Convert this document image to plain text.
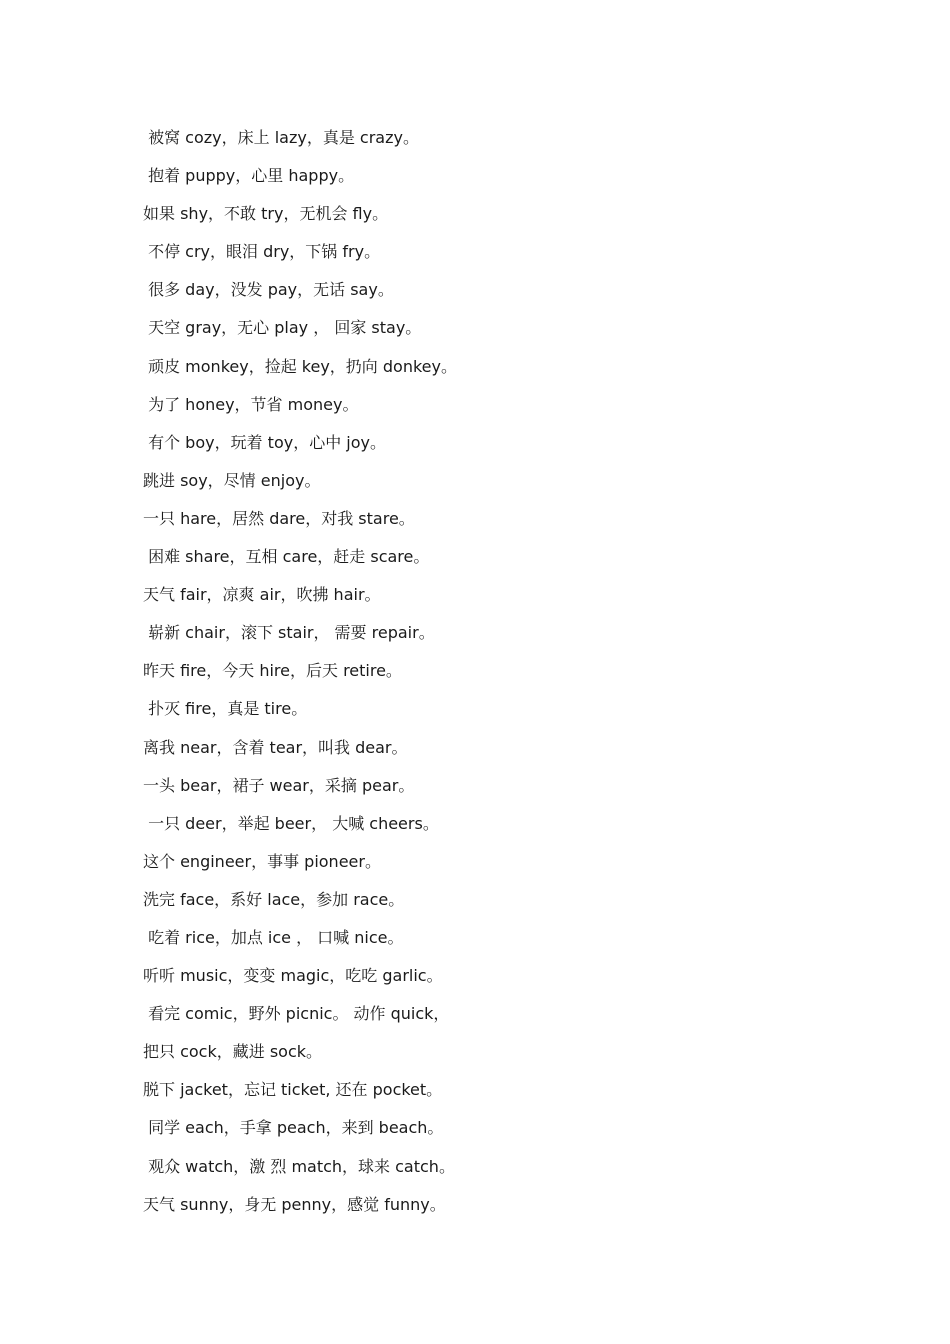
被窝 cozy，床上 lazy，真是 crazy。
抱着 puppy，心里 happy。
如果 shy，不敢 try，无机会 fly。
不停 cry，眼泪 dry，下锅 fry。
很多 day，没发 pay，无话 say。
天空 gray，无心 play ， 回家 stay。
顽皮 monkey，捡起 key，扔向 donkey。
为了 honey，节省 money。
有个 boy，玩着 toy，心中 joy。
跳进 soy，尽情 enjoy。
一只 hare，居然 dare，对我 stare。
困难 share，互相 care，赶走 scare。
天气 fair，凉爽 air，吹拂 hair。
崭新 chair，滚下 stair， 需要 repair。
昨天 fire，今天 hire，后天 retire。
扑灭 fire，真是 tire。
离我 near，含着 tear，叫我 dear。
一头 bear，裙子 wear，采摘 pear。
一只 deer，举起 beer， 大喊 cheers。
这个 engineer，事事 pioneer。
洗完 face，系好 lace，参加 race。
吃着 rice，加点 ice ， 口喊 nice。
听听 music，变变 magic，吃吃 garlic。
看完 comic，野外 picnic。 动作 quick，
把只 cock，藏进 sock。
脱下 jacket，忘记 ticket, 还在 pocket。
同学 each，手拿 peach，来到 beach。
观众 watch，激 烈 match，球来 catch。
天气 sunny，身无 penny，感觉 funny。
